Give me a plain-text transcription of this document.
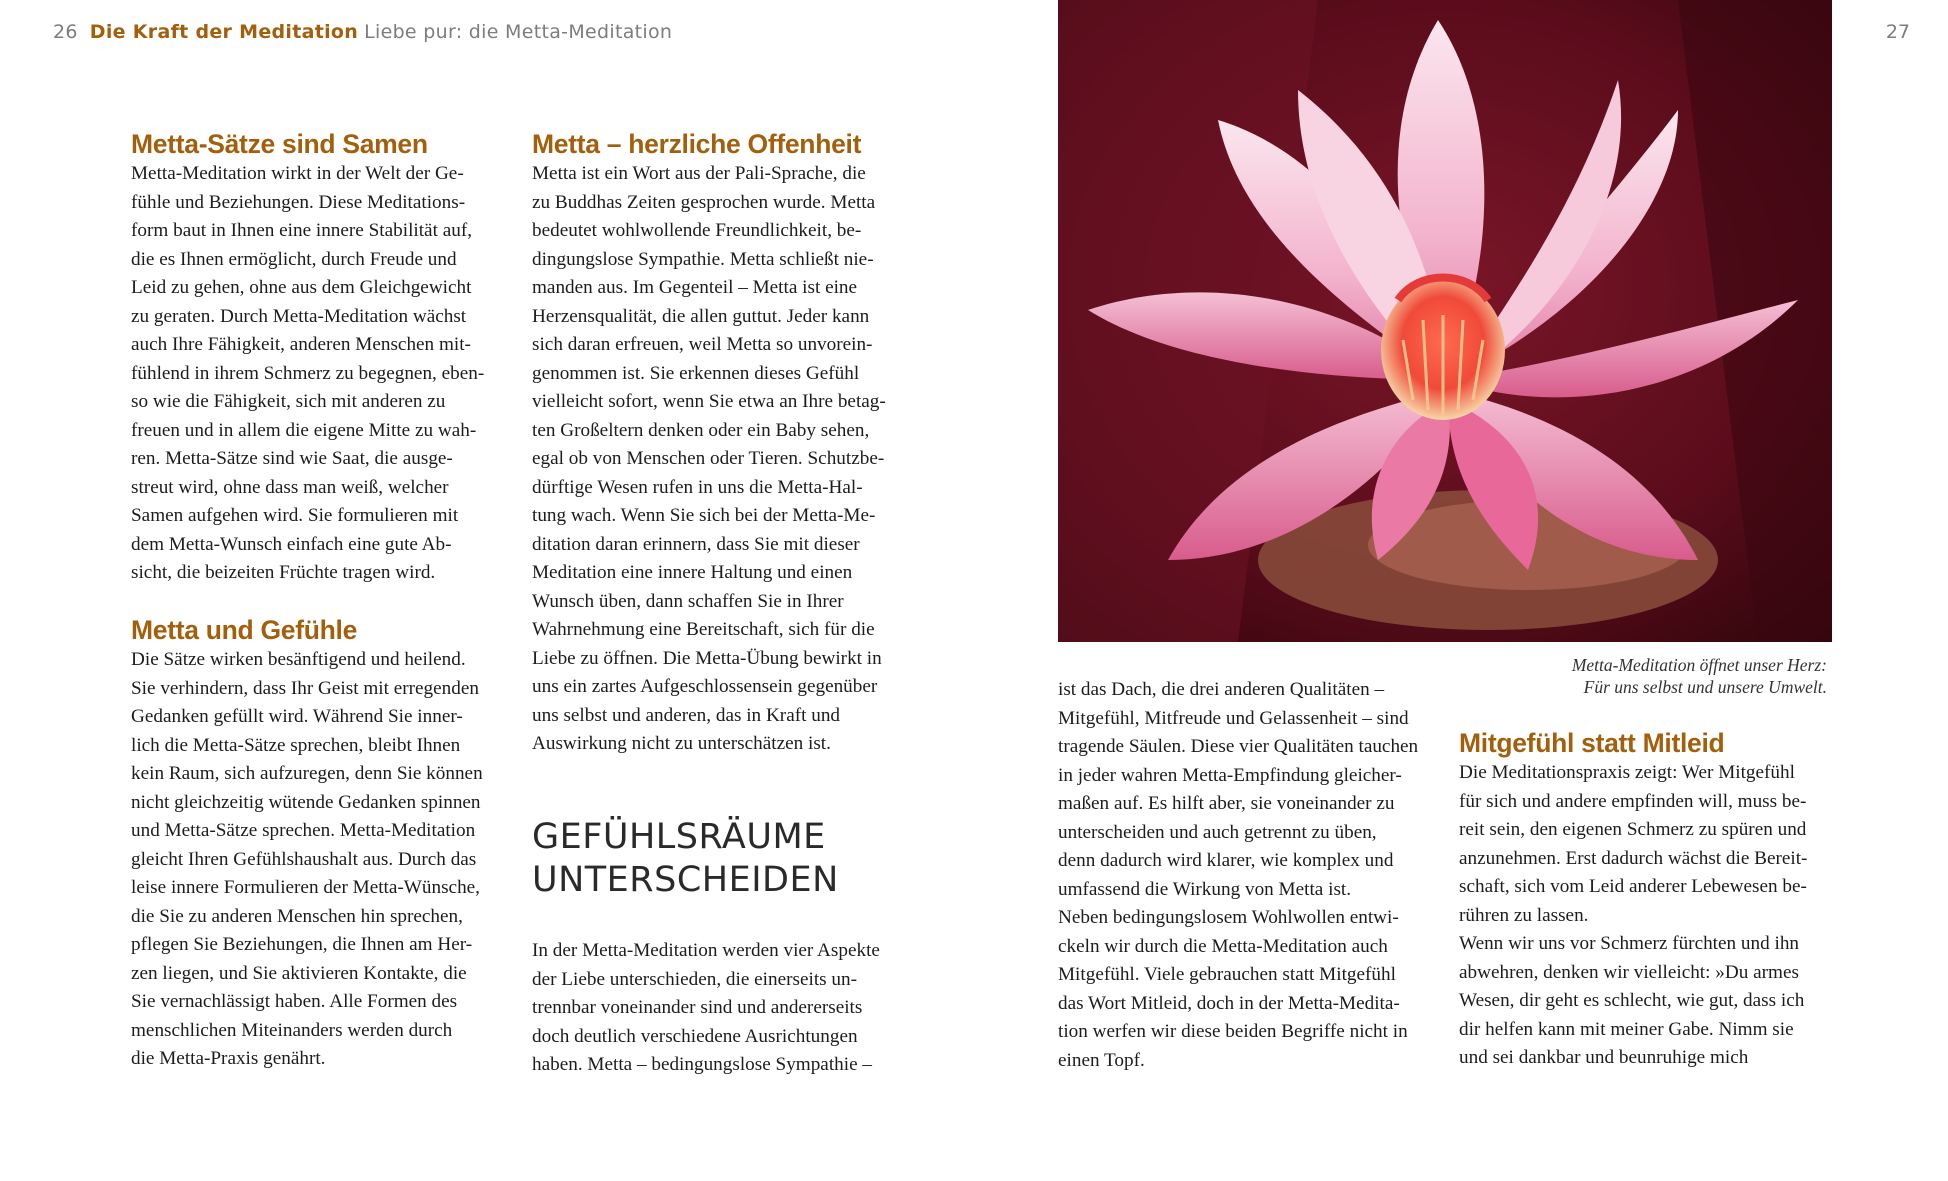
26 Die Kraft der Meditation Liebe pur: die Metta-Meditation	27
Metta-Sätze sind Samen
Metta-Meditation wirkt in der Welt der Ge-
fühle und Beziehungen. Diese Meditations-
form baut in Ihnen eine innere Stabilität auf,
die es Ihnen ermöglicht, durch Freude und
Leid zu gehen, ohne aus dem Gleichgewicht
zu geraten. Durch Metta-Meditation wächst
auch Ihre Fähigkeit, anderen Menschen mit-
fühlend in ihrem Schmerz zu begegnen, eben-
so wie die Fähigkeit, sich mit anderen zu
freuen und in allem die eigene Mitte zu wah-
ren. Metta-Sätze sind wie Saat, die ausge-
streut wird, ohne dass man weiß, welcher
Samen aufgehen wird. Sie formulieren mit
dem Metta-Wunsch einfach eine gute Ab-
sicht, die beizeiten Früchte tragen wird.
Metta und Gefühle
Die Sätze wirken besänftigend und heilend.
Sie verhindern, dass Ihr Geist mit erregenden
Gedanken gefüllt wird. Während Sie inner-
lich die Metta-Sätze sprechen, bleibt Ihnen
kein Raum, sich aufzuregen, denn Sie können
nicht gleichzeitig wütende Gedanken spinnen
und Metta-Sätze sprechen. Metta-Meditation
gleicht Ihren Gefühlshaushalt aus. Durch das
leise innere Formulieren der Metta-Wünsche,
die Sie zu anderen Menschen hin sprechen,
pflegen Sie Beziehungen, die Ihnen am Her-
zen liegen, und Sie aktivieren Kontakte, die
Sie vernachlässigt haben. Alle Formen des
menschlichen Miteinanders werden durch
die Metta-Praxis genährt.
Metta – herzliche Offenheit
Metta ist ein Wort aus der Pali-Sprache, die
zu Buddhas Zeiten gesprochen wurde. Metta
bedeutet wohlwollende Freundlichkeit, be-
dingungslose Sympathie. Metta schließt nie-
manden aus. Im Gegenteil – Metta ist eine
Herzensqualität, die allen guttut. Jeder kann
sich daran erfreuen, weil Metta so unvorein-
genommen ist. Sie erkennen dieses Gefühl
vielleicht sofort, wenn Sie etwa an Ihre betag-
ten Großeltern denken oder ein Baby sehen,
egal ob von Menschen oder Tieren. Schutzbe-
dürftige Wesen rufen in uns die Metta-Hal-
tung wach. Wenn Sie sich bei der Metta-Me-
ditation daran erinnern, dass Sie mit dieser
Meditation eine innere Haltung und einen
Wunsch üben, dann schaffen Sie in Ihrer
Wahrnehmung eine Bereitschaft, sich für die
Liebe zu öffnen. Die Metta-Übung bewirkt in
uns ein zartes Aufgeschlossensein gegenüber
uns selbst und anderen, das in Kraft und
Auswirkung nicht zu unterschätzen ist.
GEFÜHLSRÄUME
UNTERSCHEIDEN
In der Metta-Meditation werden vier Aspekte
der Liebe unterschieden, die einerseits un-
trennbar voneinander sind und andererseits
doch deutlich verschiedene Ausrichtungen
haben. Metta – bedingungslose Sympathie –
Metta-Meditation öffnet unser Herz:
Für uns selbst und unsere Umwelt.
ist das Dach, die drei anderen Qualitäten –
Mitgefühl, Mitfreude und Gelassenheit – sind
tragende Säulen. Diese vier Qualitäten tauchen
in jeder wahren Metta-Empfindung gleicher-
maßen auf. Es hilft aber, sie voneinander zu
unterscheiden und auch getrennt zu üben,
denn dadurch wird klarer, wie komplex und
umfassend die Wirkung von Metta ist.
Neben bedingungslosem Wohlwollen entwi-
ckeln wir durch die Metta-Meditation auch
Mitgefühl. Viele gebrauchen statt Mitgefühl
das Wort Mitleid, doch in der Metta-Medita-
tion werfen wir diese beiden Begriffe nicht in
einen Topf.
Mitgefühl statt Mitleid
Die Meditationspraxis zeigt: Wer Mitgefühl
für sich und andere empfinden will, muss be-
reit sein, den eigenen Schmerz zu spüren und
anzunehmen. Erst dadurch wächst die Bereit-
schaft, sich vom Leid anderer Lebewesen be-
rühren zu lassen.
Wenn wir uns vor Schmerz fürchten und ihn
abwehren, denken wir vielleicht: »Du armes
Wesen, dir geht es schlecht, wie gut, dass ich
dir helfen kann mit meiner Gabe. Nimm sie
und sei dankbar und beunruhige mich
